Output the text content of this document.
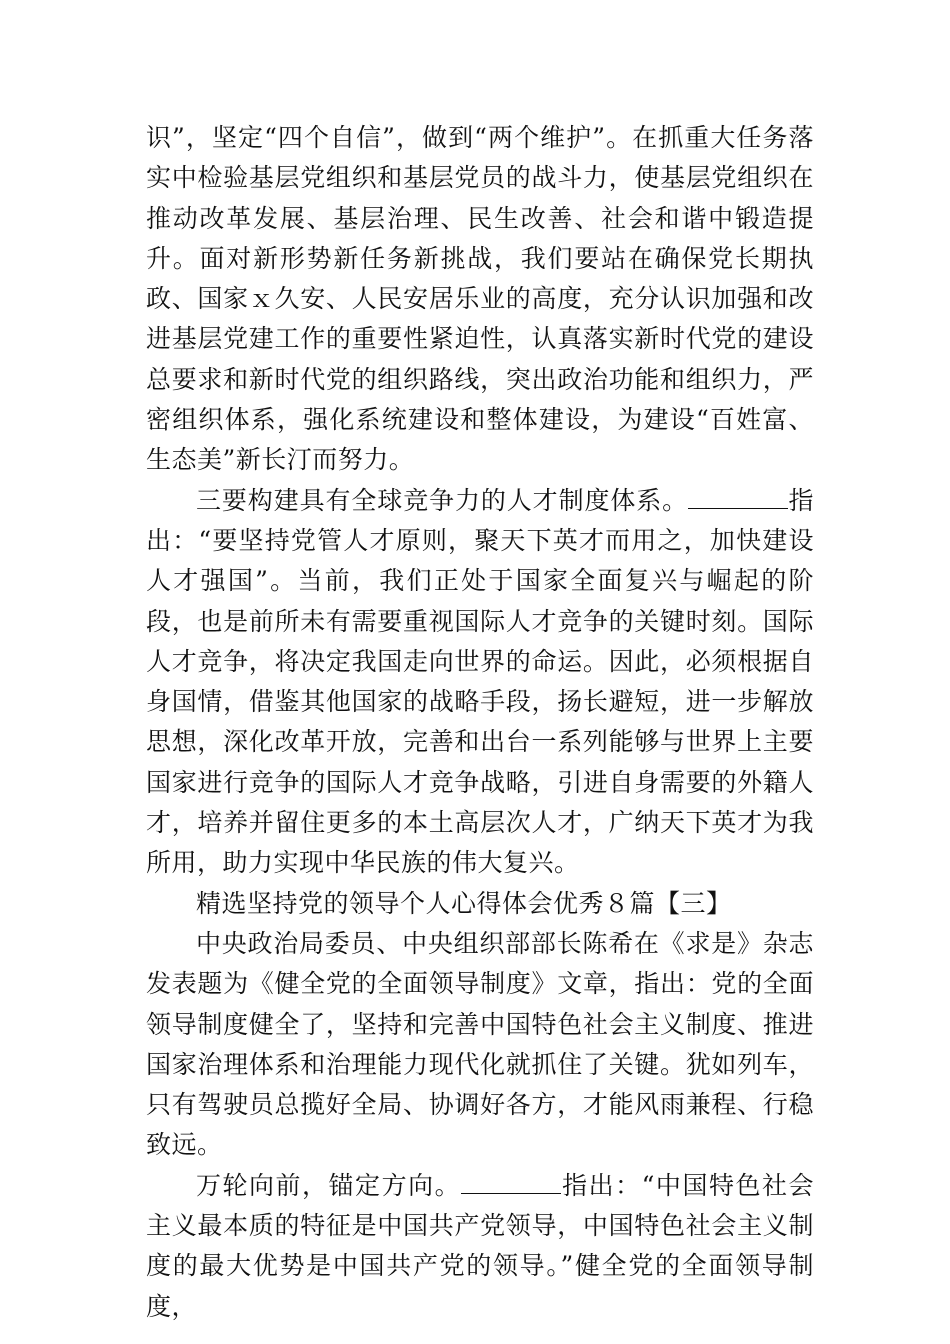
识”，坚定“四个自信”，做到“两个维护”。在抓重大任务落实中检验基层党组织和基层党员的战斗力，使基层党组织在推动改革发展、基层治理、民生改善、社会和谐中锻造提升。面对新形势新任务新挑战，我们要站在确保党长期执政、国家ｘ久安、人民安居乐业的高度，充分认识加强和改进基层党建工作的重要性紧迫性，认真落实新时代党的建设总要求和新时代党的组织路线，突出政治功能和组织力，严密组织体系，强化系统建设和整体建设，为建设“百姓富、生态美”新长汀而努力。

三要构建具有全球竞争力的人才制度体系。	指出：“要坚持党管人才原则，聚天下英才而用之，加快建设人才强国”。当前，我们正处于国家全面复兴与崛起的阶段，也是前所未有需要重视国际人才竞争的关键时刻。国际人才竞争，将决定我国走向世界的命运。因此，必须根据自身国情，借鉴其他国家的战略手段，扬长避短，进一步解放思想，深化改革开放，完善和出台一系列能够与世界上主要国家进行竞争的国际人才竞争战略，引进自身需要的外籍人才，培养并留住更多的本土高层次人才，广纳天下英才为我所用，助力实现中华民族的伟大复兴。

精选坚持党的领导个人心得体会优秀８篇【三】

中央政治局委员、中央组织部部长陈希在《求是》杂志发表题为《健全党的全面领导制度》文章，指出：党的全面领导制度健全了，坚持和完善中国特色社会主义制度、推进国家治理体系和治理能力现代化就抓住了关键。犹如列车，只有驾驶员总揽好全局、协调好各方，才能风雨兼程、行稳致远。

万轮向前，锚定方向。	指出：“中国特色社会主义最本质的特征是中国共产党领导，中国特色社会主义制度的最大优势是中国共产党的领导。”健全党的全面领导制度，
